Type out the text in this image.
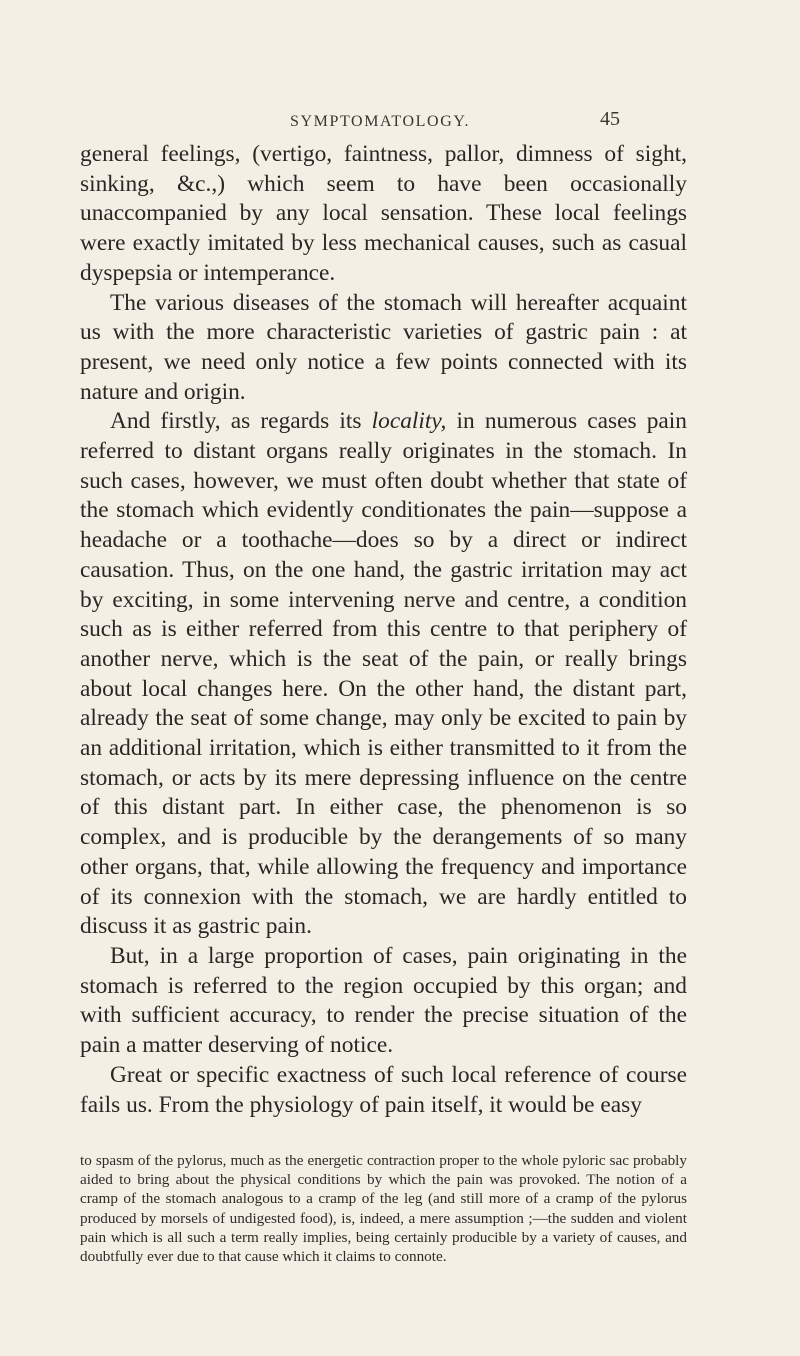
SYMPTOMATOLOGY.	45

general feelings, (vertigo, faintness, pallor, dimness of sight, sinking, &c.,) which seem to have been occasionally unaccompanied by any local sensation. These local feelings were exactly imitated by less mechanical causes, such as casual dyspepsia or intemperance.

The various diseases of the stomach will hereafter acquaint us with the more characteristic varieties of gastric pain : at present, we need only notice a few points connected with its nature and origin.

And firstly, as regards its locality, in numerous cases pain referred to distant organs really originates in the stomach. In such cases, however, we must often doubt whether that state of the stomach which evidently conditionates the pain—suppose a headache or a toothache—does so by a direct or indirect causation. Thus, on the one hand, the gastric irritation may act by exciting, in some intervening nerve and centre, a condition such as is either referred from this centre to that periphery of another nerve, which is the seat of the pain, or really brings about local changes here. On the other hand, the distant part, already the seat of some change, may only be excited to pain by an additional irritation, which is either transmitted to it from the stomach, or acts by its mere depressing influence on the centre of this distant part. In either case, the phenomenon is so complex, and is producible by the derangements of so many other organs, that, while allowing the frequency and importance of its connexion with the stomach, we are hardly entitled to discuss it as gastric pain.

But, in a large proportion of cases, pain originating in the stomach is referred to the region occupied by this organ; and with sufficient accuracy, to render the precise situation of the pain a matter deserving of notice.

Great or specific exactness of such local reference of course fails us. From the physiology of pain itself, it would be easy

to spasm of the pylorus, much as the energetic contraction proper to the whole pyloric sac probably aided to bring about the physical conditions by which the pain was provoked. The notion of a cramp of the stomach analogous to a cramp of the leg (and still more of a cramp of the pylorus produced by morsels of undigested food), is, indeed, a mere assumption ;—the sudden and violent pain which is all such a term really implies, being certainly producible by a variety of causes, and doubtfully ever due to that cause which it claims to connote.
